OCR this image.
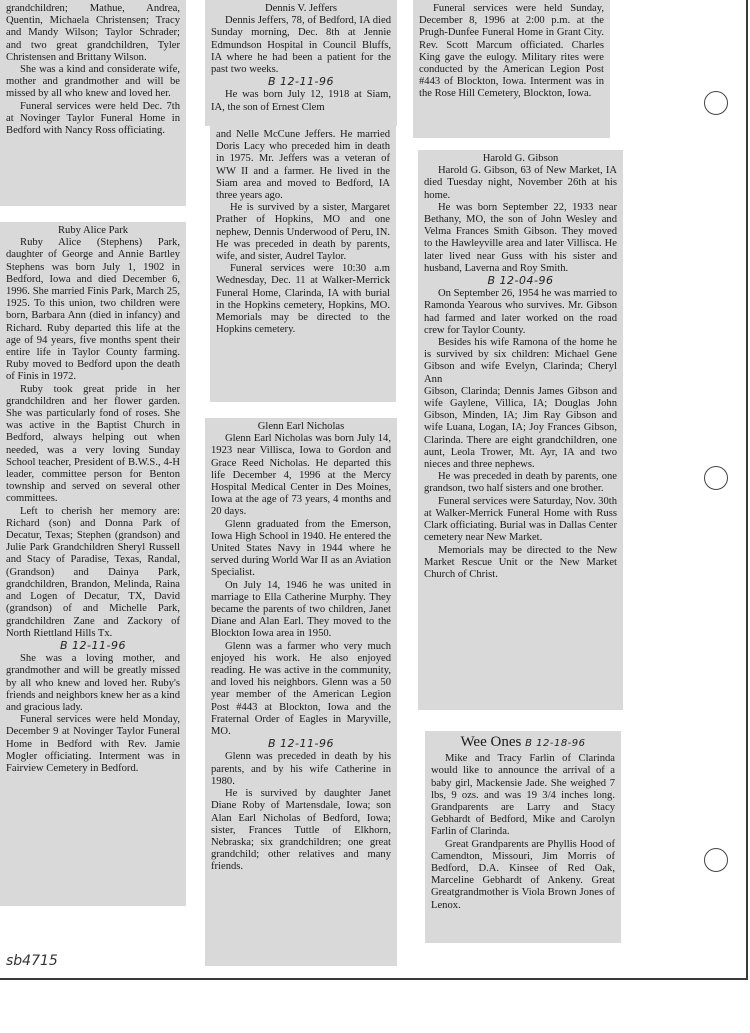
grandchildren; Mathue, Andrea, Quentin, Michaela Christensen; Tracy and Mandy Wilson; Taylor Schrader; and two great grandchildren, Tyler Christensen and Brittany Wilson.

She was a kind and considerate wife, mother and grandmother and will be missed by all who knew and loved her.

Funeral services were held Dec. 7th at Novinger Taylor Funeral Home in Bedford with Nancy Ross officiating.

Ruby Alice Park

Ruby Alice (Stephens) Park, daughter of George and Annie Bartley Stephens was born July 1, 1902 in Bedford, Iowa and died December 6, 1996. She married Finis Park, March 25, 1925. To this union, two children were born, Barbara Ann (died in infancy) and Richard. Ruby departed this life at the age of 94 years, five months spent their entire life in Taylor County farming. Ruby moved to Bedford upon the death of Finis in 1972.

Ruby took great pride in her grandchildren and her flower garden. She was particularly fond of roses. She was active in the Baptist Church in Bedford, always helping out when needed, was a very loving Sunday School teacher, President of B.W.S., 4-H leader, committee person for Benton township and served on several other committees.

Left to cherish her memory are: Richard (son) and Donna Park of Decatur, Texas; Stephen (grandson) and Julie Park Grandchildren Sheryl Russell and Stacy of Paradise, Texas, Randal, (Grandson) and Dainya Park, grandchildren, Brandon, Melinda, Raina and Logen of Decatur, TX, David (grandson) of and Michelle Park, grandchildren Zane and Zackory of North Riettland Hills Tx.

B 12-11-96

She was a loving mother, and grandmother and will be greatly missed by all who knew and loved her. Ruby's friends and neighbors knew her as a kind and gracious lady.

Funeral services were held Monday, December 9 at Novinger Taylor Funeral Home in Bedford with Rev. Jamie Mogler officiating. Interment was in Fairview Cemetery in Bedford.

Dennis V. Jeffers

Dennis Jeffers, 78, of Bedford, IA died Sunday morning, Dec. 8th at Jennie Edmundson Hospital in Council Bluffs, IA where he had been a patient for the past two weeks.

B 12-11-96

He was born July 12, 1918 at Siam, IA, the son of Ernest Clem

and Nelle McCune Jeffers. He married Doris Lacy who preceded him in death in 1975. Mr. Jeffers was a veteran of WW II and a farmer. He lived in the Siam area and moved to Bedford, IA three years ago.

He is survived by a sister, Margaret Prather of Hopkins, MO and one nephew, Dennis Underwood of Peru, IN. He was preceded in death by parents, wife, and sister, Audrel Taylor.

Funeral services were 10:30 a.m Wednesday, Dec. 11 at Walker-Merrick Funeral Home, Clarinda, IA with burial in the Hopkins cemetery, Hopkins, MO. Memorials may be directed to the Hopkins cemetery.

Glenn Earl Nicholas

Glenn Earl Nicholas was born July 14, 1923 near Villisca, Iowa to Gordon and Grace Reed Nicholas. He departed this life December 4, 1996 at the Mercy Hospital Medical Center in Des Moines, Iowa at the age of 73 years, 4 months and 20 days.

Glenn graduated from the Emerson, Iowa High School in 1940. He entered the United States Navy in 1944 where he served during World War II as an Aviation Specialist.

On July 14, 1946 he was united in marriage to Ella Catherine Murphy. They became the parents of two children, Janet Diane and Alan Earl. They moved to the Blockton Iowa area in 1950.

Glenn was a farmer who very much enjoyed his work. He also enjoyed reading. He was active in the community, and loved his neighbors. Glenn was a 50 year member of the American Legion Post #443 at Blockton, Iowa and the Fraternal Order of Eagles in Maryville, MO.

B 12-11-96

Glenn was preceded in death by his parents, and by his wife Catherine in 1980.

He is survived by daughter Janet Diane Roby of Martensdale, Iowa; son Alan Earl Nicholas of Bedford, Iowa; sister, Frances Tuttle of Elkhorn, Nebraska; six grandchildren; one great grandchild; other relatives and many friends.

Funeral services were held Sunday, December 8, 1996 at 2:00 p.m. at the Prugh-Dunfee Funeral Home in Grant City. Rev. Scott Marcum officiated. Charles King gave the eulogy. Military rites were conducted by the American Legion Post #443 of Blockton, Iowa. Interment was in the Rose Hill Cemetery, Blockton, Iowa.

Harold G. Gibson

Harold G. Gibson, 63 of New Market, IA died Tuesday night, November 26th at his home.

He was born September 22, 1933 near Bethany, MO, the son of John Wesley and Velma Frances Smith Gibson. They moved to the Hawleyville area and later Villisca. He later lived near Guss with his sister and husband, Laverna and Roy Smith.

B 12-04-96

On September 26, 1954 he was married to Ramonda Yearous who survives. Mr. Gibson had farmed and later worked on the road crew for Taylor County.

Besides his wife Ramona of the home he is survived by six children: Michael Gene Gibson and wife Evelyn, Clarinda; Cheryl Ann

Gibson, Clarinda; Dennis James Gibson and wife Gaylene, Villica, IA; Douglas John Gibson, Minden, IA; Jim Ray Gibson and wife Luana, Logan, IA; Joy Frances Gibson, Clarinda. There are eight grandchildren, one aunt, Leola Trower, Mt. Ayr, IA and two nieces and three nephews.

He was preceded in death by parents, one grandson, two half sisters and one brother.

Funeral services were Saturday, Nov. 30th at Walker-Merrick Funeral Home with Russ Clark officiating. Burial was in Dallas Center cemetery near New Market.

Memorials may be directed to the New Market Rescue Unit or the New Market Church of Christ.

Wee Ones B 12-18-96

Mike and Tracy Farlin of Clarinda would like to announce the arrival of a baby girl, Mackensie Jade. She weighed 7 lbs, 9 ozs. and was 19 3/4 inches long. Grandparents are Larry and Stacy Gebhardt of Bedford, Mike and Carolyn Farlin of Clarinda.

Great Grandparents are Phyllis Hood of Camendton, Missouri, Jim Morris of Bedford, D.A. Kinsee of Red Oak, Marceline Gebhardt of Ankeny. Great Greatgrandmother is Viola Brown Jones of Lenox.

sb4715
